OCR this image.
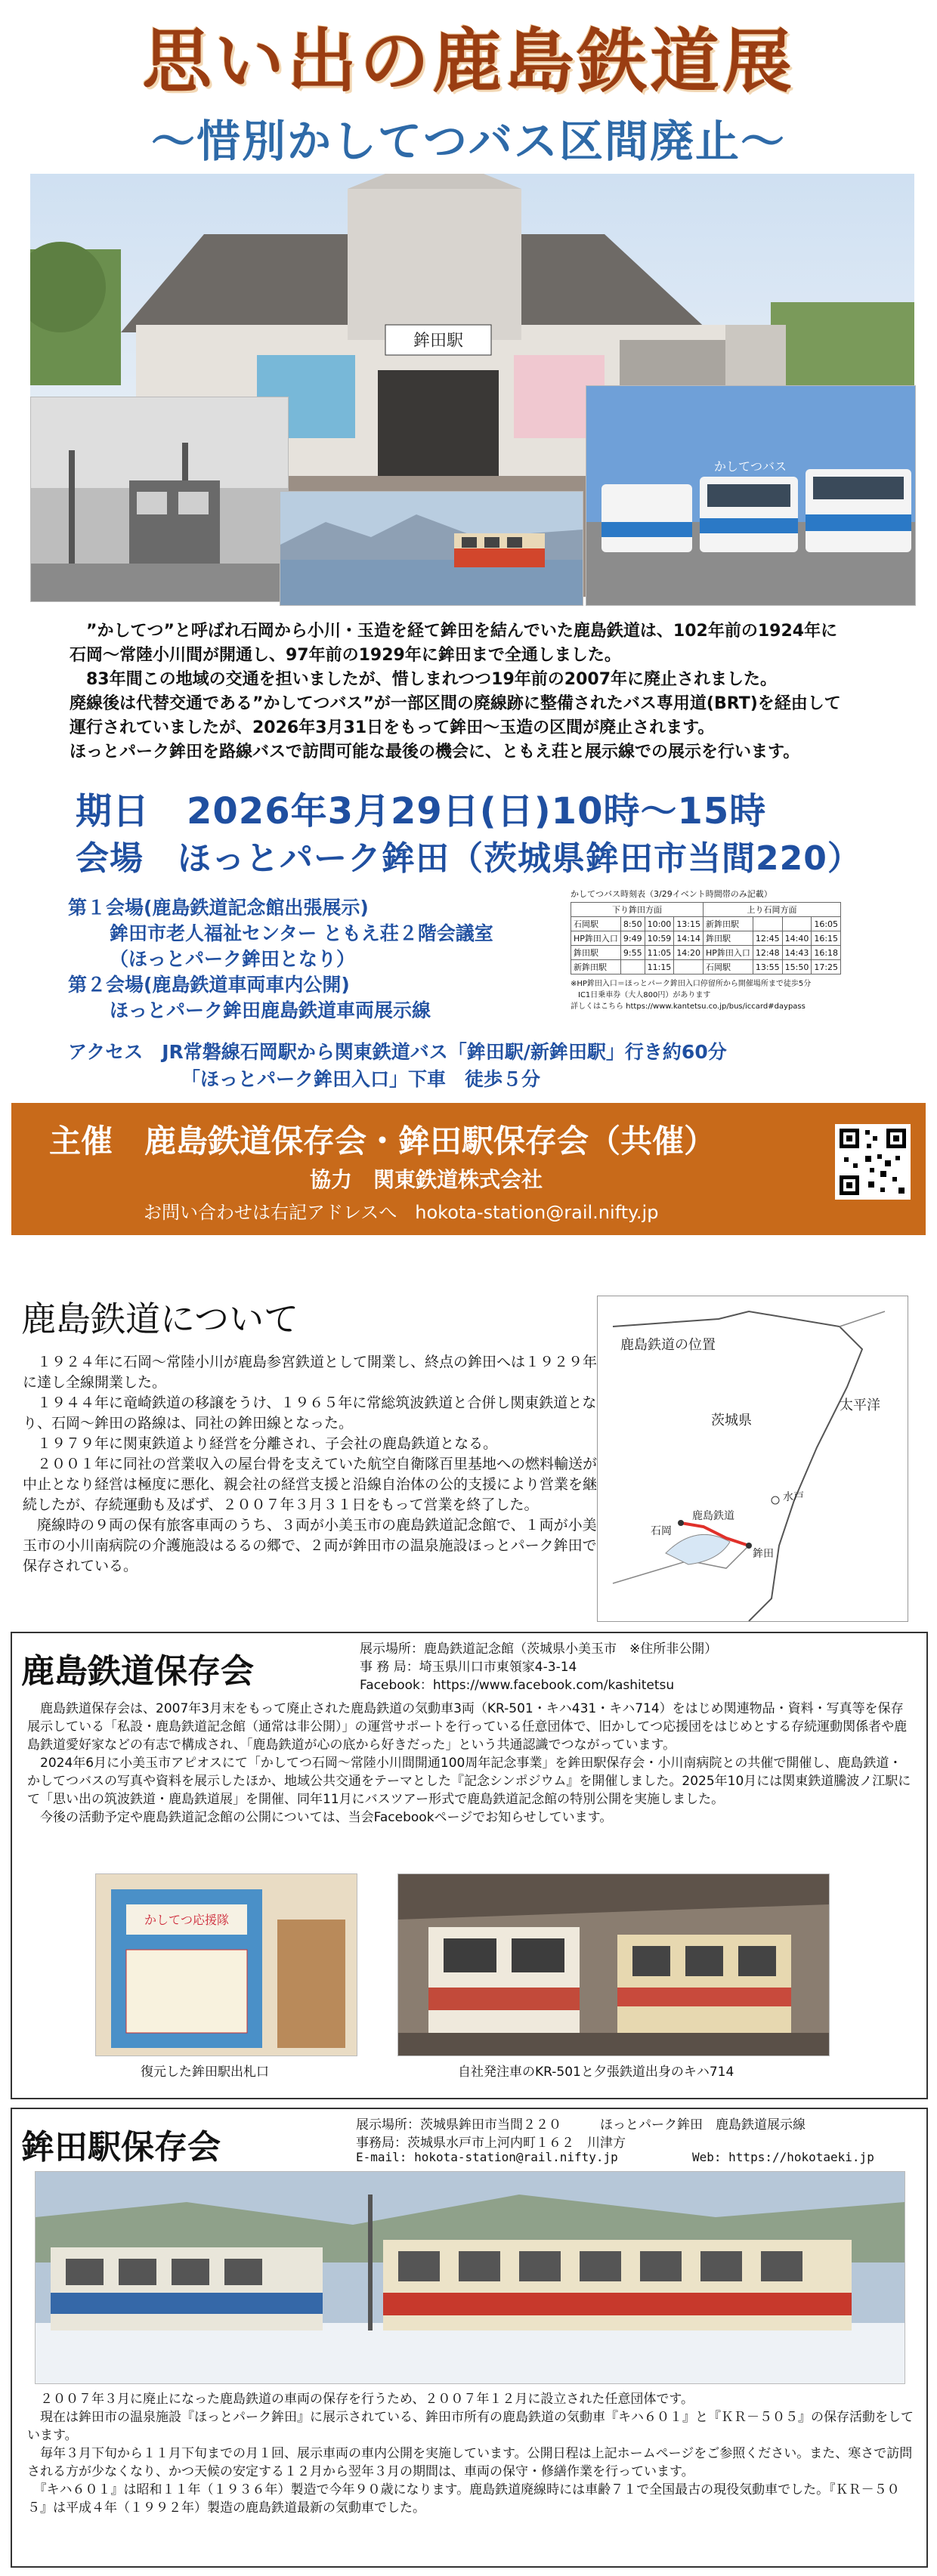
思い出の鹿島鉄道展
～惜別かしてつバス区間廃止～
鉾田駅
かしてつバス

　”かしてつ”と呼ばれ石岡から小川・玉造を経て鉾田を結んでいた鹿島鉄道は、102年前の1924年に

石岡～常陸小川間が開通し、97年前の1929年に鉾田まで全通しました。

　83年間この地域の交通を担いましたが、惜しまれつつ19年前の2007年に廃止されました。

廃線後は代替交通である”かしてつバス”が一部区間の廃線跡に整備されたバス専用道(BRT)を経由して

運行されていましたが、2026年3月31日をもって鉾田～玉造の区間が廃止されます。

ほっとパーク鉾田を路線バスで訪問可能な最後の機会に、ともえ荘と展示線での展示を行います。

期日　2026年3月29日(日)10時～15時
会場　ほっとパーク鉾田（茨城県鉾田市当間220）
第１会場(鹿島鉄道記念館出張展示)
鉾田市老人福祉センター ともえ荘２階会議室
（ほっとパーク鉾田となり）
第２会場(鹿島鉄道車両車内公開)
ほっとパーク鉾田鹿島鉄道車両展示線
かしてつバス時刻表（3/29イベント時間帯のみ記載）
下り鉾田方面				上り石岡方面			
石岡駅	8:50	10:00	13:15	新鉾田駅			16:05
HP鉾田入口	9:49	10:59	14:14	鉾田駅	12:45	14:40	16:15
鉾田駅	9:55	11:05	14:20	HP鉾田入口	12:48	14:43	16:18
新鉾田駅		11:15		石岡駅	13:55	15:50	17:25
※HP鉾田入口＝ほっとパーク鉾田入口停留所から開催場所まで徒歩5分
　IC1日乗車券（大人800円）があります
詳しくはこちら https://www.kantetsu.co.jp/bus/iccard#daypass
アクセス　JR常磐線石岡駅から関東鉄道バス「鉾田駅/新鉾田駅」行き約60分
「ほっとパーク鉾田入口」下車　徒歩５分
主催　鹿島鉄道保存会・鉾田駅保存会（共催）
協力　関東鉄道株式会社
お問い合わせは右記アドレスへ　hokota-station@rail.nifty.jp
鹿島鉄道について

　１９２４年に石岡～常陸小川が鹿島参宮鉄道として開業し、終点の鉾田へは１９２９年に達し全線開業した。

　１９４４年に竜崎鉄道の移譲をうけ、１９６５年に常総筑波鉄道と合併し関東鉄道となり、石岡～鉾田の路線は、同社の鉾田線となった。

　１９７９年に関東鉄道より経営を分離され、子会社の鹿島鉄道となる。

　２００１年に同社の営業収入の屋台骨を支えていた航空自衛隊百里基地への燃料輸送が中止となり経営は極度に悪化、親会社の経営支援と沿線自治体の公的支援により営業を継続したが、存続運動も及ばず、２００７年３月３１日をもって営業を終了した。

　廃線時の９両の保有旅客車両のうち、３両が小美玉市の鹿島鉄道記念館で、１両が小美玉市の小川南病院の介護施設はるるの郷で、２両が鉾田市の温泉施設ほっとパーク鉾田で保存されている。

鹿島鉄道の位置
茨城県
太平洋
水戸
鹿島鉄道
石岡
鉾田
鹿島鉄道保存会
展示場所：鹿島鉄道記念館（茨城県小美玉市　※住所非公開）
事 務 局：埼玉県川口市東領家4-3-14
Facebook：https://www.facebook.com/kashitetsu

　鹿島鉄道保存会は、2007年3月末をもって廃止された鹿島鉄道の気動車3両（KR-501・キハ431・キハ714）をはじめ関連物品・資料・写真等を保存展示している「私設・鹿島鉄道記念館（通常は非公開）」の運営サポートを行っている任意団体で、旧かしてつ応援団をはじめとする存続運動関係者や鹿島鉄道愛好家などの有志で構成され、「鹿島鉄道が心の底から好きだった」という共通認識でつながっています。

　2024年6月に小美玉市アピオスにて「かしてつ石岡～常陸小川間開通100周年記念事業」を鉾田駅保存会・小川南病院との共催で開催し、鹿島鉄道・かしてつバスの写真や資料を展示したほか、地域公共交通をテーマとした『記念シンポジウム』を開催しました。2025年10月には関東鉄道騰波ノ江駅にて「思い出の筑波鉄道・鹿島鉄道展」を開催、同年11月にバスツアー形式で鹿島鉄道記念館の特別公開を実施しました。

　今後の活動予定や鹿島鉄道記念館の公開については、当会Facebookページでお知らせしています。

かしてつ応援隊
復元した鉾田駅出札口	自社発注車のKR-501と夕張鉄道出身のキハ714
鉾田駅保存会
展示場所：茨城県鉾田市当間２２０　　　ほっとパーク鉾田　鹿島鉄道展示線
事務局：茨城県水戸市上河内町１６２　川津方
E-mail: hokota-station@rail.nifty.jp	Web: https://hokotaeki.jp

　２００７年３月に廃止になった鹿島鉄道の車両の保存を行うため、２００７年１２月に設立された任意団体です。

　現在は鉾田市の温泉施設『ほっとパーク鉾田』に展示されている、鉾田市所有の鹿島鉄道の気動車『キハ６０１』と『ＫＲ－５０５』の保存活動をしています。

　毎年３月下旬から１１月下旬までの月１回、展示車両の車内公開を実施しています。公開日程は上記ホームページをご参照ください。また、寒さで訪問される方が少なくなり、かつ天候の安定する１２月から翌年３月の期間は、車両の保守・修繕作業を行っています。

　『キハ６０１』は昭和１１年（１９３６年）製造で今年９０歳になります。鹿島鉄道廃線時には車齢７１で全国最古の現役気動車でした。『ＫＲ－５０５』は平成４年（１９９２年）製造の鹿島鉄道最新の気動車でした。
